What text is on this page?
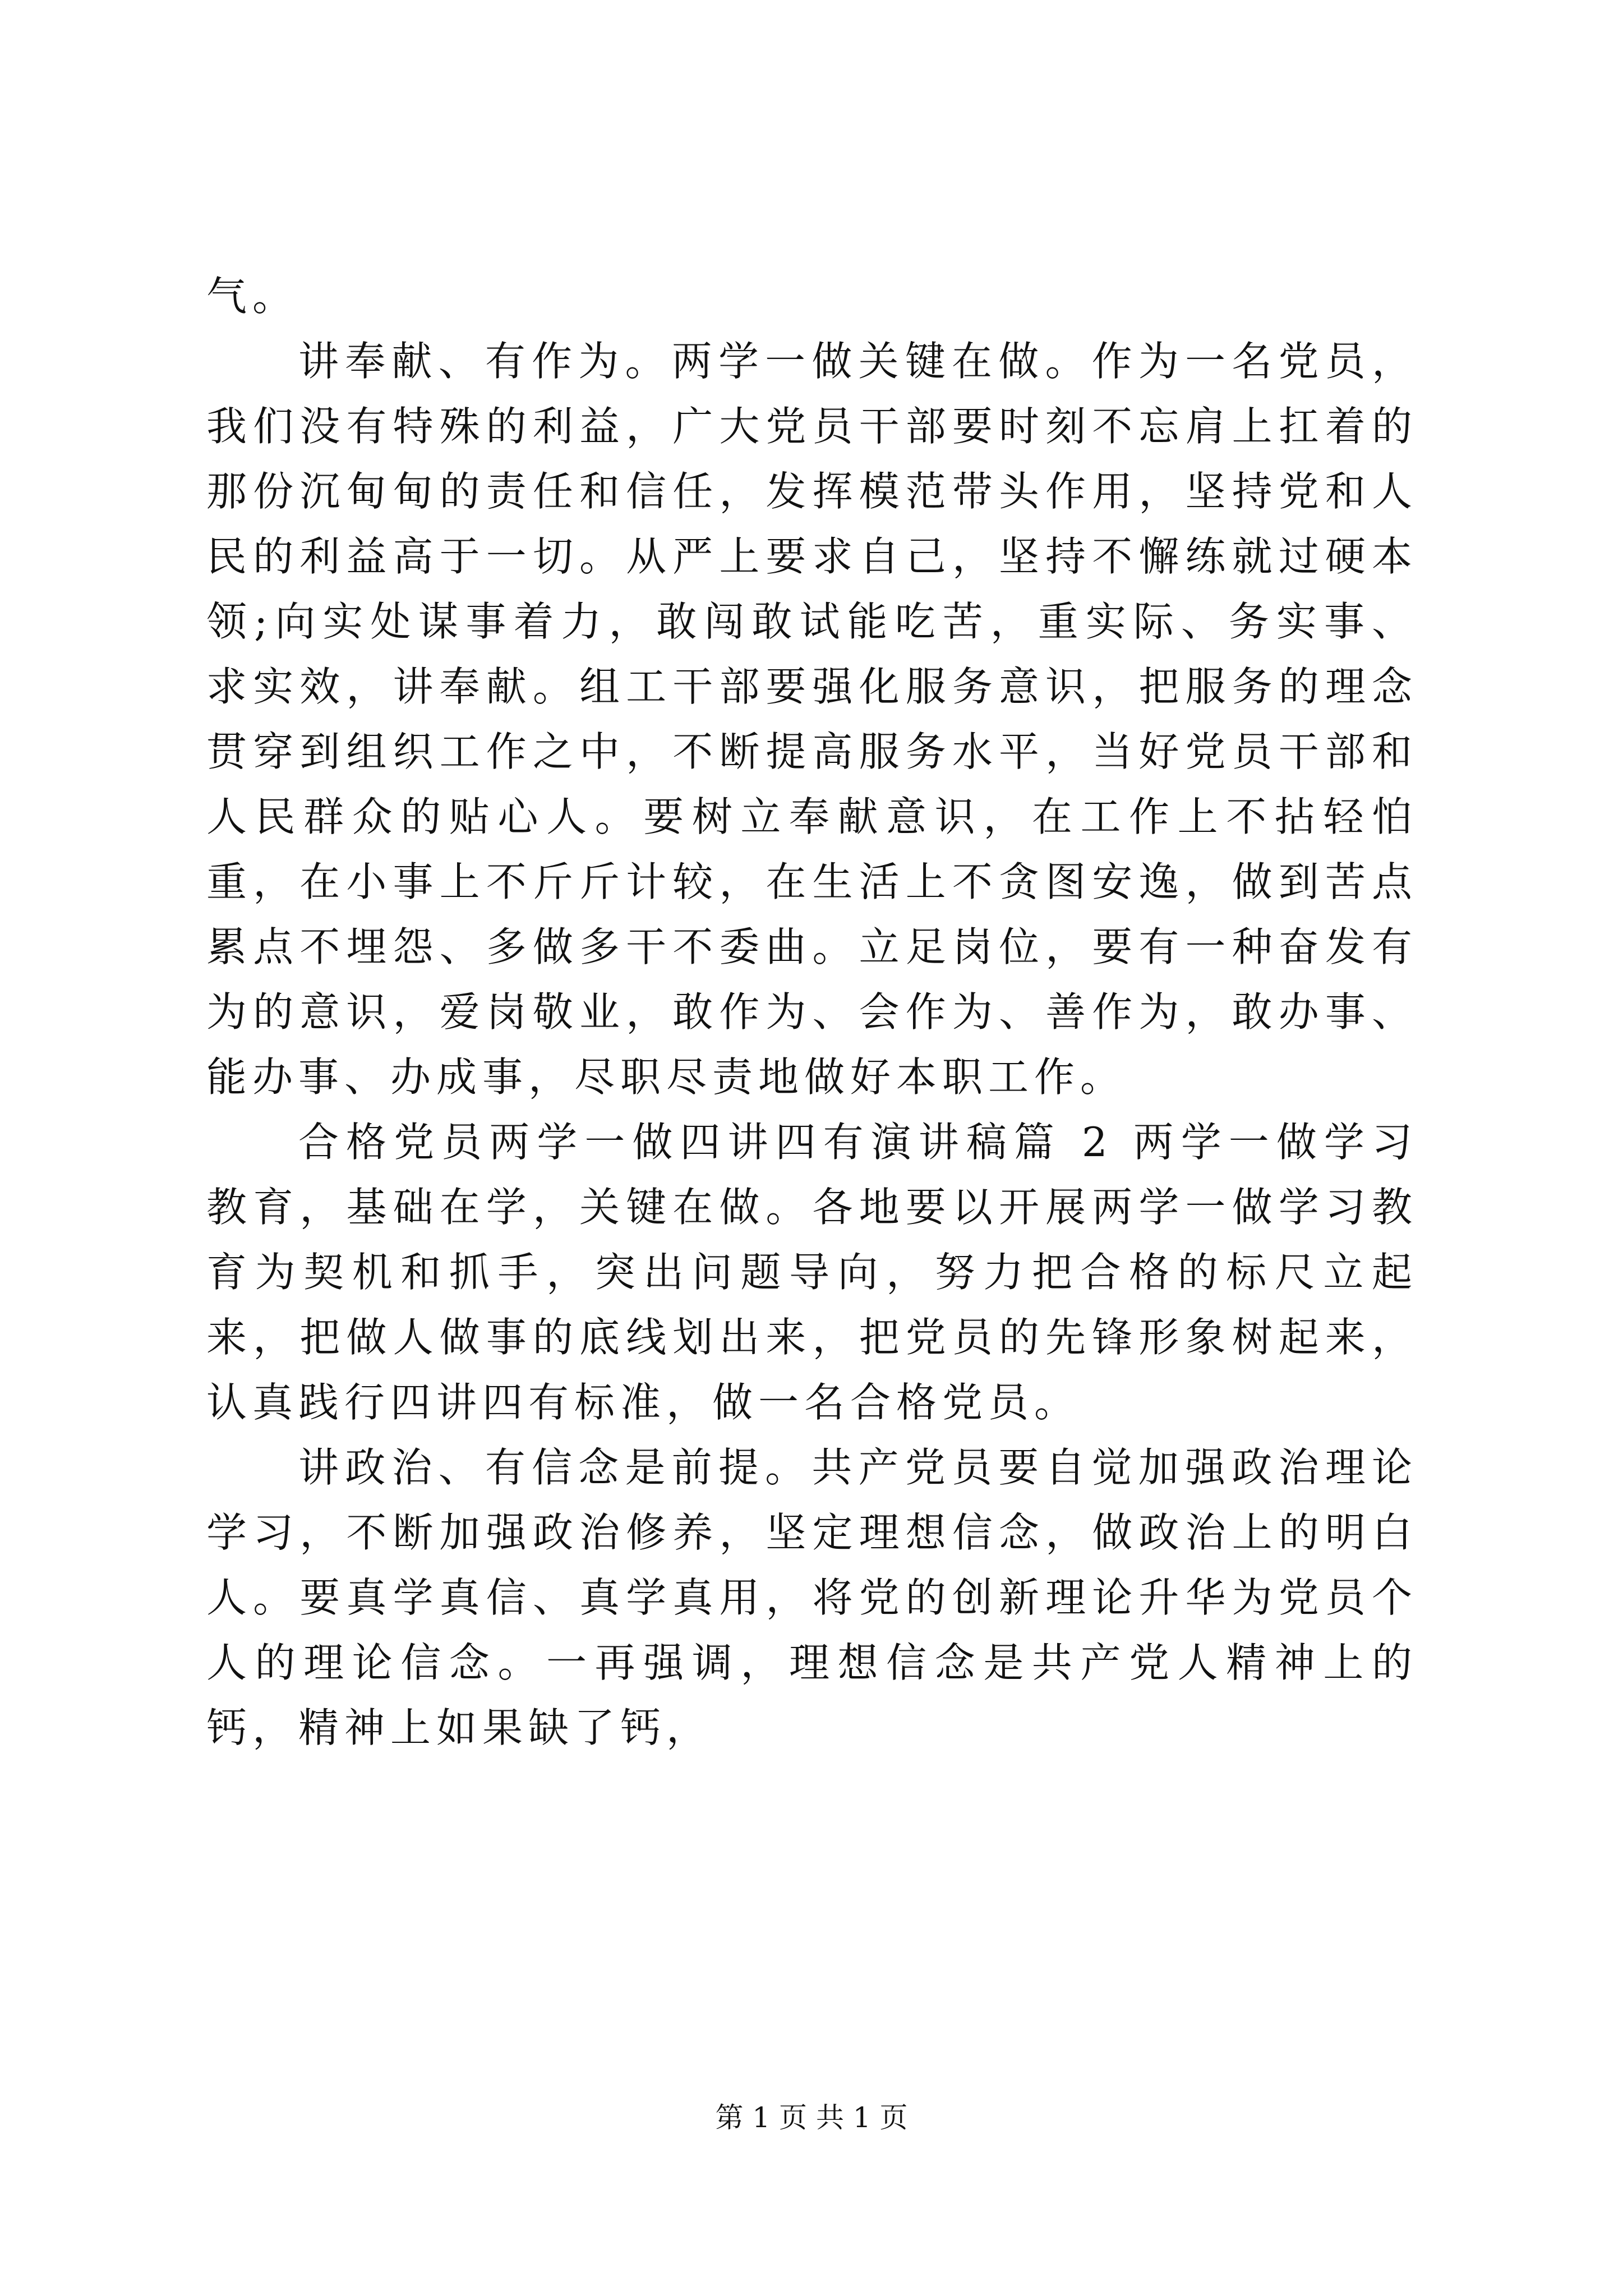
气。

讲奉献、有作为。两学一做关键在做。作为一名党员，我们没有特殊的利益，广大党员干部要时刻不忘肩上扛着的那份沉甸甸的责任和信任，发挥模范带头作用，坚持党和人民的利益高于一切。从严上要求自己，坚持不懈练就过硬本领;向实处谋事着力，敢闯敢试能吃苦，重实际、务实事、求实效，讲奉献。组工干部要强化服务意识，把服务的理念贯穿到组织工作之中，不断提高服务水平，当好党员干部和人民群众的贴心人。要树立奉献意识，在工作上不拈轻怕重，在小事上不斤斤计较，在生活上不贪图安逸，做到苦点累点不埋怨、多做多干不委曲。立足岗位，要有一种奋发有为的意识，爱岗敬业，敢作为、会作为、善作为，敢办事、能办事、办成事，尽职尽责地做好本职工作。

合格党员两学一做四讲四有演讲稿篇 2 两学一做学习教育，基础在学，关键在做。各地要以开展两学一做学习教育为契机和抓手，突出问题导向，努力把合格的标尺立起来，把做人做事的底线划出来，把党员的先锋形象树起来，认真践行四讲四有标准，做一名合格党员。

讲政治、有信念是前提。共产党员要自觉加强政治理论学习，不断加强政治修养，坚定理想信念，做政治上的明白人。要真学真信、真学真用，将党的创新理论升华为党员个人的理论信念。一再强调，理想信念是共产党人精神上的钙，精神上如果缺了钙，

第 1 页 共 1 页
